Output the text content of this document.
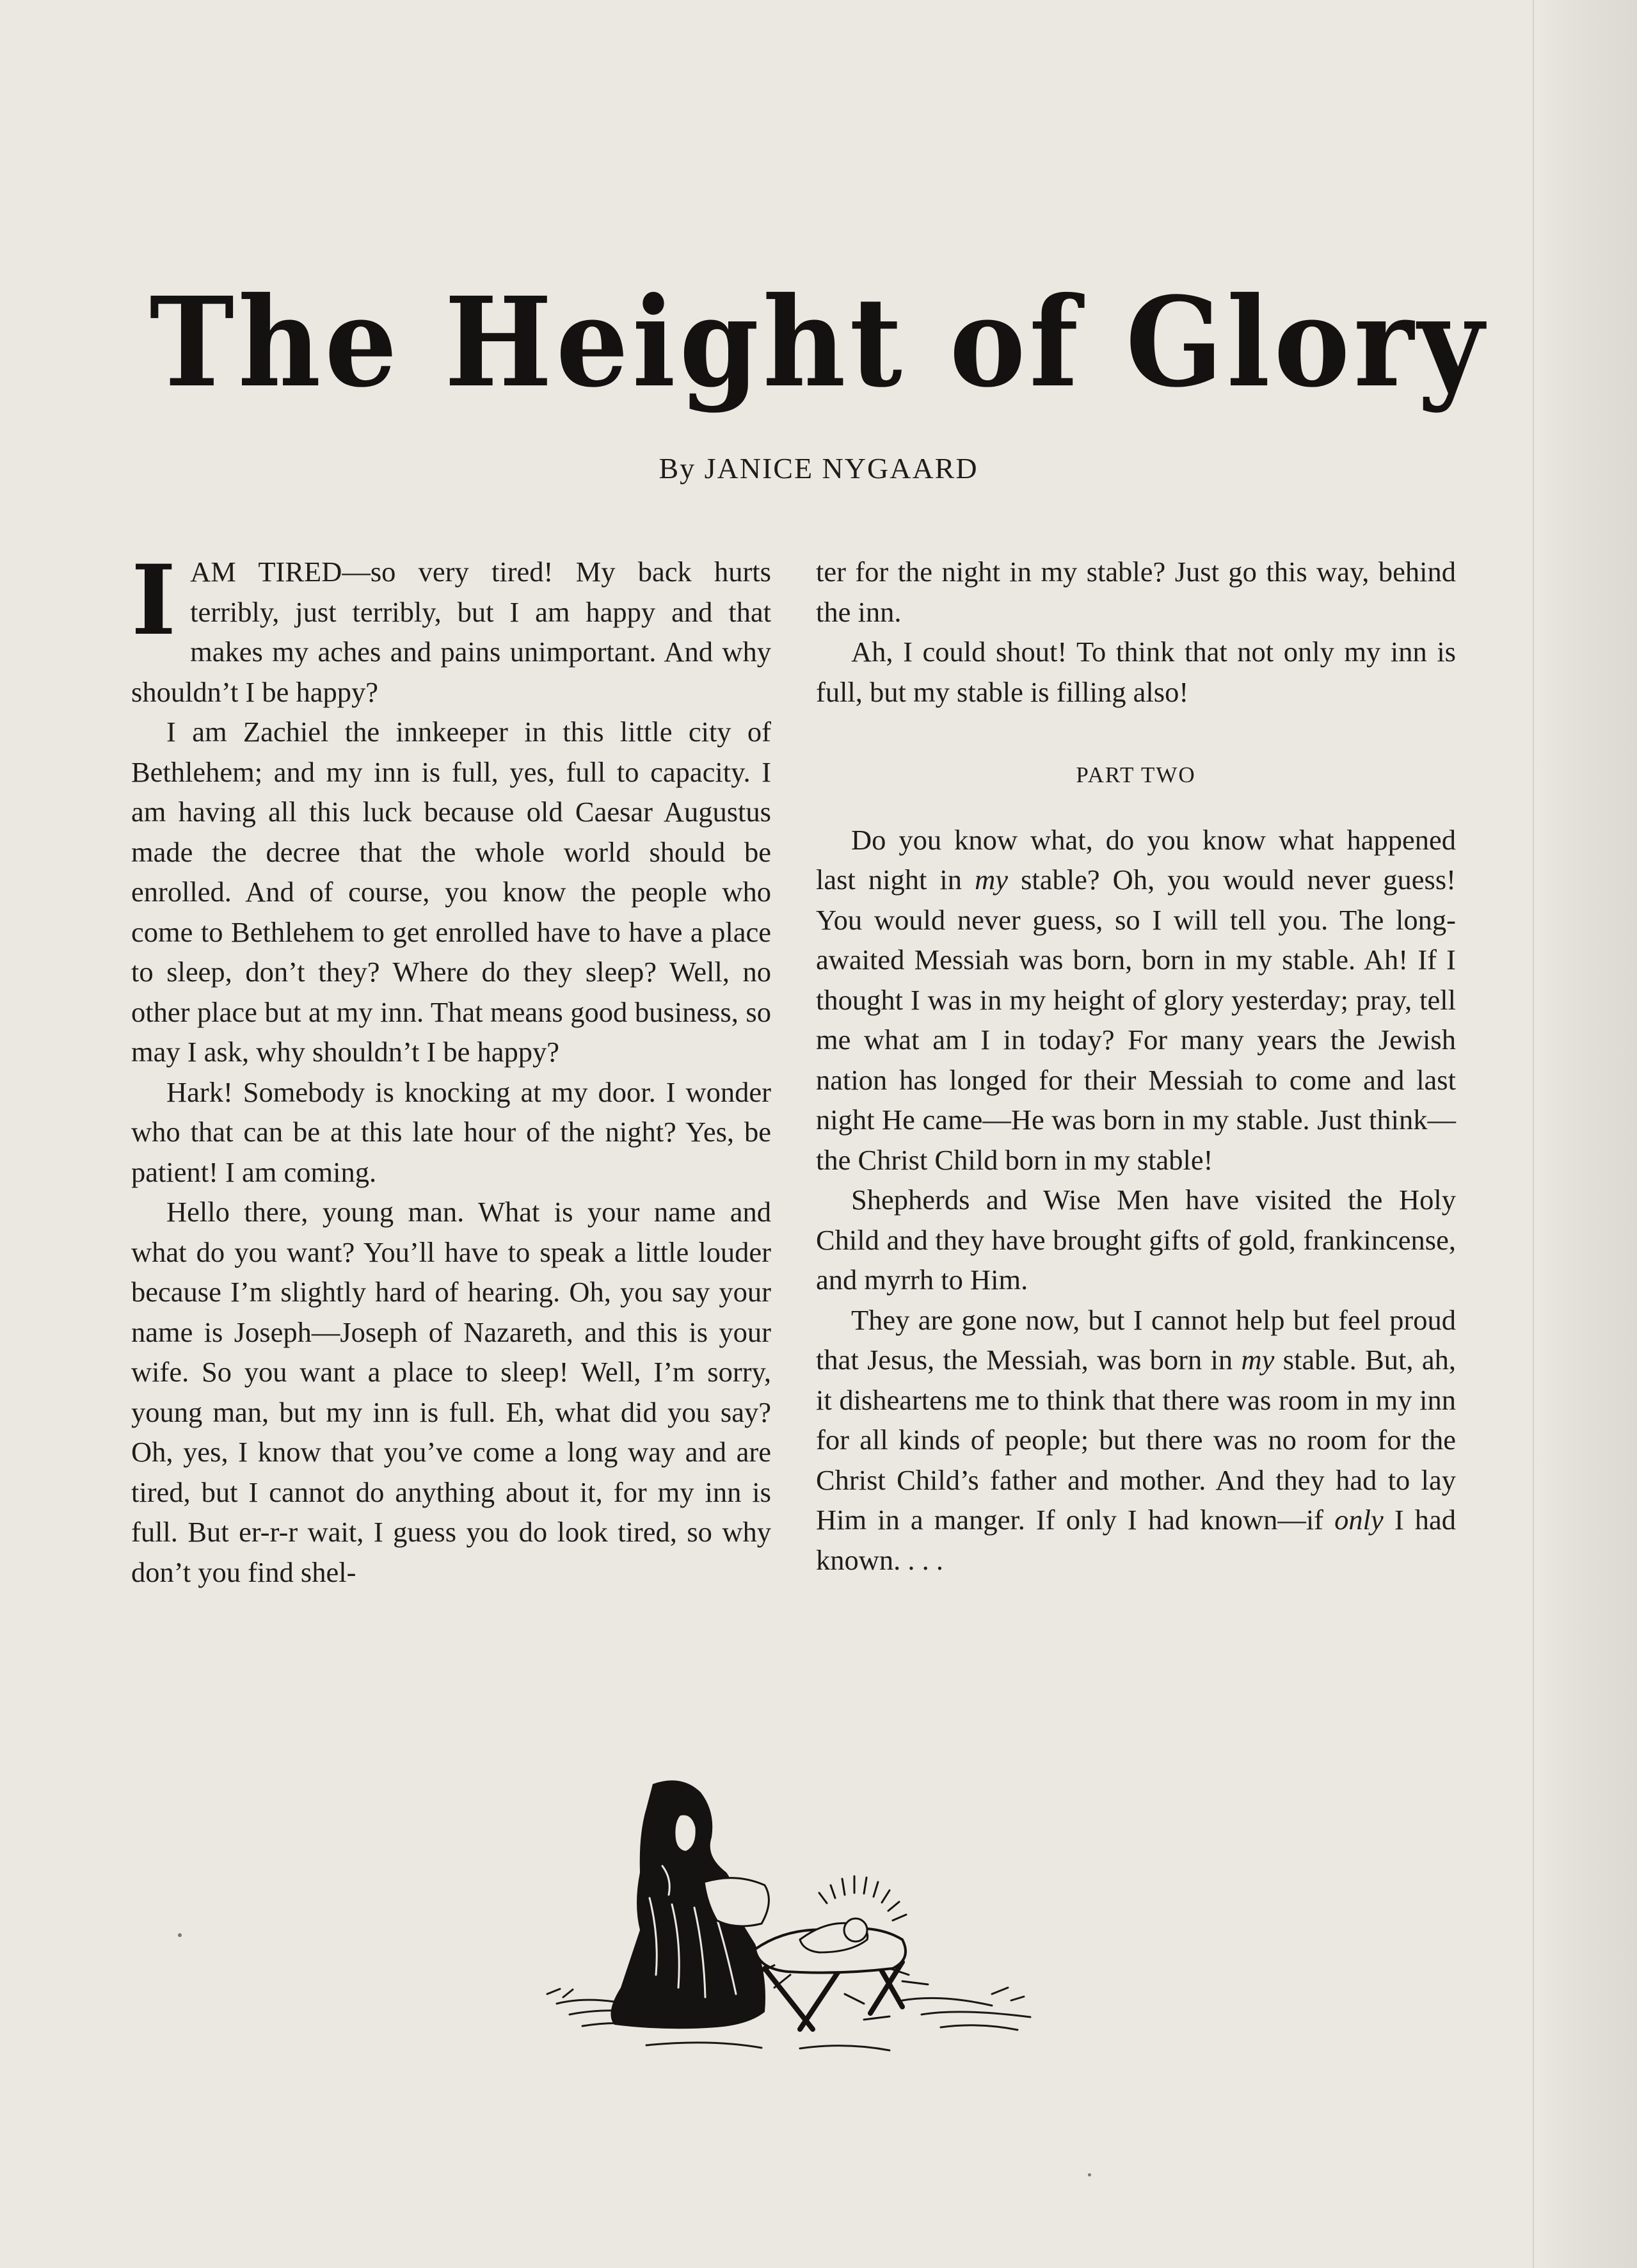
The Height of Glory
By JANICE NYGAARD

IAM TIRED—so very tired! My back hurts terribly, just terribly, but I am happy and that makes my aches and pains unimportant. And why shouldn’t I be happy?

I am Zachiel the innkeeper in this little city of Bethlehem; and my inn is full, yes, full to capacity. I am having all this luck because old Caesar Augustus made the decree that the whole world should be enrolled. And of course, you know the people who come to Bethlehem to get enrolled have to have a place to sleep, don’t they? Where do they sleep? Well, no other place but at my inn. That means good business, so may I ask, why shouldn’t I be happy?

Hark! Somebody is knocking at my door. I wonder who that can be at this late hour of the night? Yes, be patient! I am coming.

Hello there, young man. What is your name and what do you want? You’ll have to speak a little louder because I’m slightly hard of hearing. Oh, you say your name is Joseph—Joseph of Nazareth, and this is your wife. So you want a place to sleep! Well, I’m sorry, young man, but my inn is full. Eh, what did you say? Oh, yes, I know that you’ve come a long way and are tired, but I cannot do anything about it, for my inn is full. But er-r-r wait, I guess you do look tired, so why don’t you find shel-

ter for the night in my stable? Just go this way, behind the inn.

Ah, I could shout! To think that not only my inn is full, but my stable is filling also!

PART TWO

Do you know what, do you know what happened last night in my stable? Oh, you would never guess! You would never guess, so I will tell you. The long-awaited Messiah was born, born in my stable. Ah! If I thought I was in my height of glory yesterday; pray, tell me what am I in today? For many years the Jewish nation has longed for their Messiah to come and last night He came—He was born in my stable. Just think—the Christ Child born in my stable!

Shepherds and Wise Men have visited the Holy Child and they have brought gifts of gold, frankincense, and myrrh to Him.

They are gone now, but I cannot help but feel proud that Jesus, the Messiah, was born in my stable. But, ah, it disheartens me to think that there was room in my inn for all kinds of people; but there was no room for the Christ Child’s father and mother. And they had to lay Him in a manger. If only I had known—if only I had known. . . .
